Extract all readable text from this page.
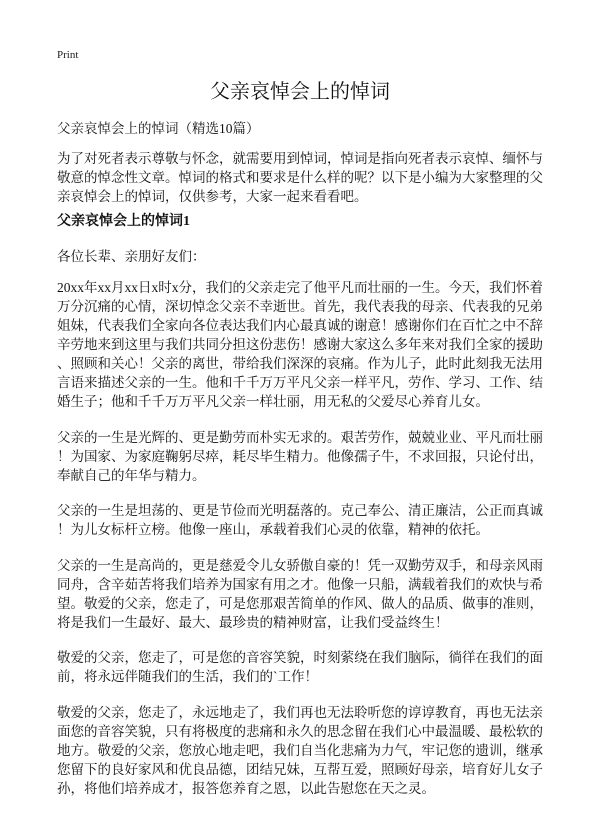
Print
父亲哀悼会上的悼词
父亲哀悼会上的悼词（精选10篇）
为了对死者表示尊敬与怀念，就需要用到悼词，悼词是指向死者表示哀悼、缅怀与
敬意的悼念性文章。悼词的格式和要求是什么样的呢？以下是小编为大家整理的父
亲哀悼会上的悼词，仅供参考，大家一起来看看吧。
父亲哀悼会上的悼词1
各位长辈、亲朋好友们：
20xx年xx月xx日x时x分，我们的父亲走完了他平凡而壮丽的一生。今天，我们怀着
万分沉痛的心情，深切悼念父亲不幸逝世。首先，我代表我的母亲、代表我的兄弟
姐妹，代表我们全家向各位表达我们内心最真诚的谢意！感谢你们在百忙之中不辞
辛劳地来到这里与我们共同分担这份悲伤！感谢大家这么多年来对我们全家的援助
、照顾和关心！父亲的离世，带给我们深深的哀痛。作为儿子，此时此刻我无法用
言语来描述父亲的一生。他和千千万万平凡父亲一样平凡，劳作、学习、工作、结
婚生子；他和千千万万平凡父亲一样壮丽，用无私的父爱尽心养育儿女。
父亲的一生是光辉的、更是勤劳而朴实无求的。艰苦劳作，兢兢业业、平凡而壮丽
！为国家、为家庭鞠躬尽瘁，耗尽毕生精力。他像孺子牛，不求回报，只论付出，
奉献自己的年华与精力。
父亲的一生是坦荡的、更是节俭而光明磊落的。克己奉公、清正廉洁，公正而真诚
！为儿女标杆立榜。他像一座山，承载着我们心灵的依靠，精神的依托。
父亲的一生是高尚的，更是慈爱令儿女骄傲自豪的！凭一双勤劳双手，和母亲风雨
同舟，含辛茹苦将我们培养为国家有用之才。他像一只船，满载着我们的欢快与希
望。敬爱的父亲，您走了，可是您那艰苦简单的作风、做人的品质、做事的准则，
将是我们一生最好、最大、最珍贵的精神财富，让我们受益终生！
敬爱的父亲，您走了，可是您的音容笑貌，时刻萦绕在我们脑际，徜徉在我们的面
前，将永远伴随我们的生活，我们的`工作！
敬爱的父亲，您走了，永远地走了，我们再也无法聆听您的谆谆教育，再也无法亲
面您的音容笑貌，只有将极度的悲痛和永久的思念留在我们心中最温暖、最松软的
地方。敬爱的父亲，您放心地走吧，我们自当化悲痛为力气，牢记您的遗训，继承
您留下的良好家风和优良品德，团结兄妹，互帮互爱，照顾好母亲，培育好儿女子
孙，将他们培养成才，报答您养育之恩，以此告慰您在天之灵。
